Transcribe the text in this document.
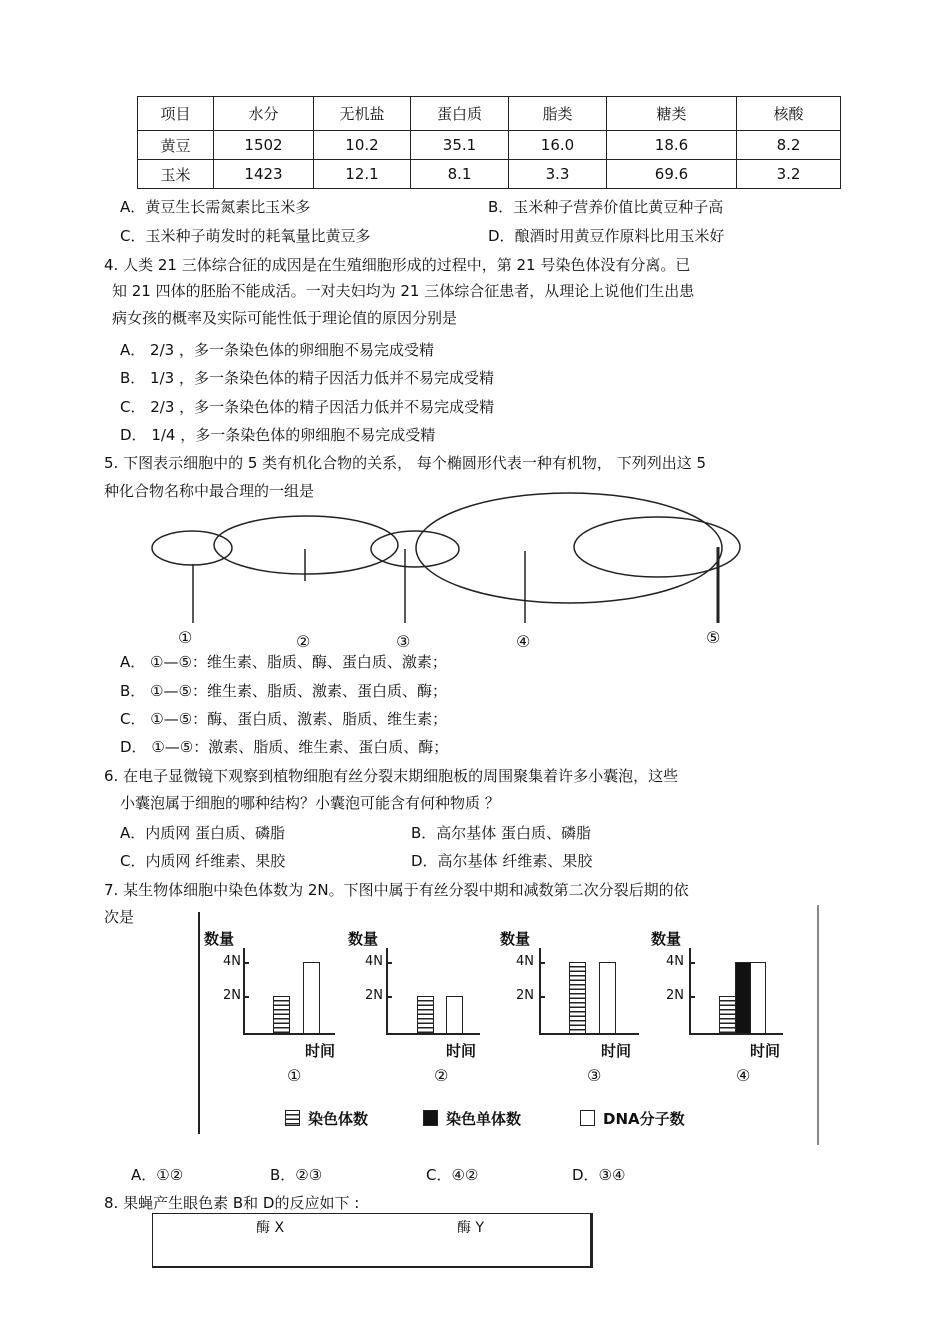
项目	水分	无机盐	蛋白质	脂类	糖类	核酸
黄豆	1502	10.2	35.1	16.0	18.6	8.2
玉米	1423	12.1	8.1	3.3	69.6	3.2
A．黄豆生长需氮素比玉米多	B．玉米种子营养价值比黄豆种子高
C．玉米种子萌发时的耗氧量比黄豆多	D．酿酒时用黄豆作原料比用玉米好
4. 人类 21 三体综合征的成因是在生殖细胞形成的过程中，第 21 号染色体没有分离。已
知 21 四体的胚胎不能成活。一对夫妇均为 21 三体综合征患者，从理论上说他们生出患
病女孩的概率及实际可能性低于理论值的原因分别是
A． 2/3 ，多一条染色体的卵细胞不易完成受精
B． 1/3 ，多一条染色体的精子因活力低并不易完成受精
C． 2/3 ，多一条染色体的精子因活力低并不易完成受精
D． 1/4 ，多一条染色体的卵细胞不易完成受精
5. 下图表示细胞中的 5 类有机化合物的关系， 每个椭圆形代表一种有机物， 下列列出这 5
种化合物名称中最合理的一组是
①	②	③	④	⑤
A． ①—⑤：维生素、脂质、酶、蛋白质、激素；
B． ①—⑤：维生素、脂质、激素、蛋白质、酶；
C． ①—⑤：酶、蛋白质、激素、脂质、维生素；
D． ①—⑤：激素、脂质、维生素、蛋白质、酶；
6. 在电子显微镜下观察到植物细胞有丝分裂末期细胞板的周围聚集着许多小囊泡，这些
小囊泡属于细胞的哪种结构？小囊泡可能含有何种物质 ？
A．内质网 蛋白质、磷脂	B．高尔基体 蛋白质、磷脂
C．内质网 纤维素、果胶	D．高尔基体 纤维素、果胶
7. 某生物体细胞中染色体数为 2N。下图中属于有丝分裂中期和减数第二次分裂后期的依
次是
数量
4N
2N
时间
①
数量
4N
2N
时间
②
数量
4N
2N
时间
③
数量
4N
2N
时间
④
染色体数	染色单体数	DNA分子数
A．①②	B．②③	C．④②	D．③④
8. 果蝇产生眼色素 B和 D的反应如下 :
酶 X	酶 Y
